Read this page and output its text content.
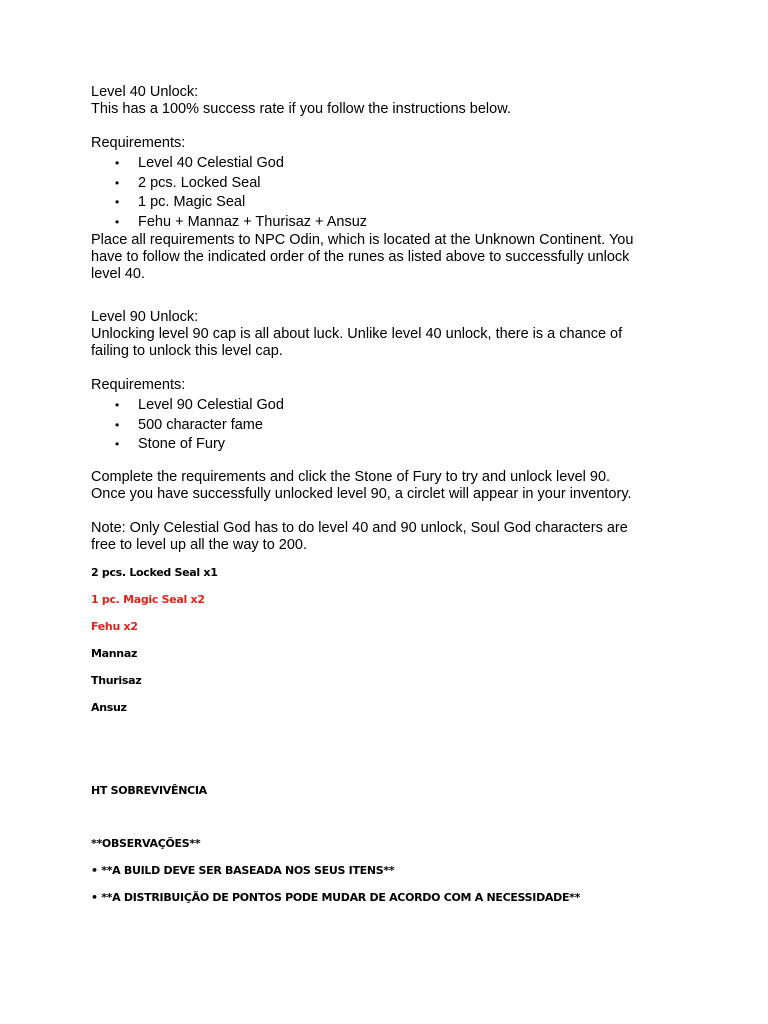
Level 40 Unlock:
This has a 100% success rate if you follow the instructions below.
Requirements:
• Level 40 Celestial God
• 2 pcs. Locked Seal
• 1 pc. Magic Seal
• Fehu + Mannaz + Thurisaz + Ansuz
Place all requirements to NPC Odin, which is located at the Unknown Continent. You
have to follow the indicated order of the runes as listed above to successfully unlock
level 40.
Level 90 Unlock:
Unlocking level 90 cap is all about luck. Unlike level 40 unlock, there is a chance of
failing to unlock this level cap.
Requirements:
• Level 90 Celestial God
• 500 character fame
• Stone of Fury
Complete the requirements and click the Stone of Fury to try and unlock level 90.
Once you have successfully unlocked level 90, a circlet will appear in your inventory.
Note: Only Celestial God has to do level 40 and 90 unlock, Soul God characters are
free to level up all the way to 200.
2 pcs. Locked Seal x1
1 pc. Magic Seal x2
Fehu x2
Mannaz
Thurisaz
Ansuz
HT SOBREVIVÊNCIA
**OBSERVAÇÕES**
• **A BUILD DEVE SER BASEADA NOS SEUS ITENS**
• **A DISTRIBUIÇÃO DE PONTOS PODE MUDAR DE ACORDO COM A NECESSIDADE**
